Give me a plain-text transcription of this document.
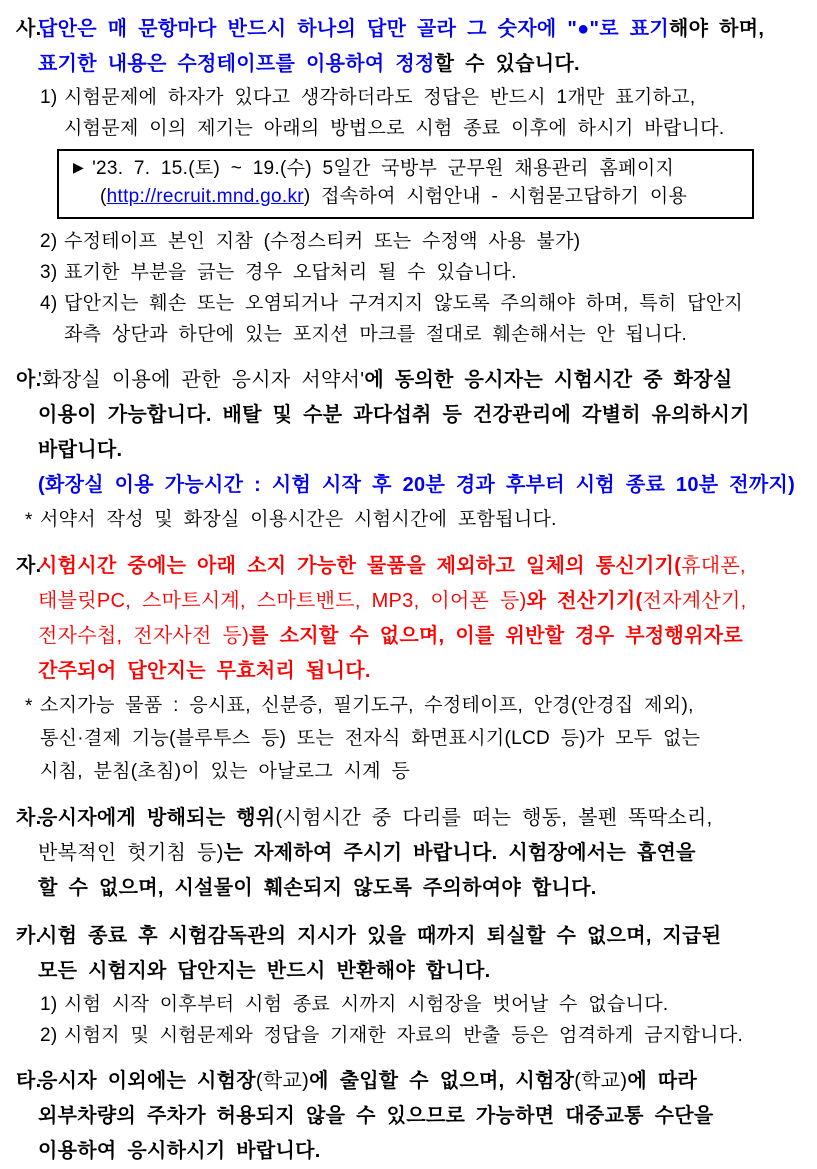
사.
답안은 매 문항마다 반드시 하나의 답만 골라 그 숫자에 "●"로 표기해야 하며,
표기한 내용은 수정테이프를 이용하여 정정할 수 있습니다.
1) 시험문제에 하자가 있다고 생각하더라도 정답은 반드시 1개만 표기하고,
시험문제 이의 제기는 아래의 방법으로 시험 종료 이후에 하시기 바랍니다.
▶ '23. 7. 15.(토) ~ 19.(수) 5일간 국방부 군무원 채용관리 홈페이지
(http://recruit.mnd.go.kr) 접속하여 시험안내 - 시험묻고답하기 이용
2) 수정테이프 본인 지참 (수정스티커 또는 수정액 사용 불가)
3) 표기한 부분을 긁는 경우 오답처리 될 수 있습니다.
4) 답안지는 훼손 또는 오염되거나 구겨지지 않도록 주의해야 하며, 특히 답안지
좌측 상단과 하단에 있는 포지션 마크를 절대로 훼손해서는 안 됩니다.
아.
'화장실 이용에 관한 응시자 서약서'에 동의한 응시자는 시험시간 중 화장실
이용이 가능합니다. 배탈 및 수분 과다섭취 등 건강관리에 각별히 유의하시기
바랍니다.
(화장실 이용 가능시간 : 시험 시작 후 20분 경과 후부터 시험 종료 10분 전까지)
* 서약서 작성 및 화장실 이용시간은 시험시간에 포함됩니다.
자.
시험시간 중에는 아래 소지 가능한 물품을 제외하고 일체의 통신기기(휴대폰,
태블릿PC, 스마트시계, 스마트밴드, MP3, 이어폰 등)와 전산기기(전자계산기,
전자수첩, 전자사전 등)를 소지할 수 없으며, 이를 위반할 경우 부정행위자로
간주되어 답안지는 무효처리 됩니다.
* 소지가능 물품 : 응시표, 신분증, 필기도구, 수정테이프, 안경(안경집 제외),
통신·결제 기능(블루투스 등) 또는 전자식 화면표시기(LCD 등)가 모두 없는
시침, 분침(초침)이 있는 아날로그 시계 등
차.
응시자에게 방해되는 행위(시험시간 중 다리를 떠는 행동, 볼펜 똑딱소리,
반복적인 헛기침 등)는 자제하여 주시기 바랍니다. 시험장에서는 흡연을
할 수 없으며, 시설물이 훼손되지 않도록 주의하여야 합니다.
카.
시험 종료 후 시험감독관의 지시가 있을 때까지 퇴실할 수 없으며, 지급된
모든 시험지와 답안지는 반드시 반환해야 합니다.
1) 시험 시작 이후부터 시험 종료 시까지 시험장을 벗어날 수 없습니다.
2) 시험지 및 시험문제와 정답을 기재한 자료의 반출 등은 엄격하게 금지합니다.
타.
응시자 이외에는 시험장(학교)에 출입할 수 없으며, 시험장(학교)에 따라
외부차량의 주차가 허용되지 않을 수 있으므로 가능하면 대중교통 수단을
이용하여 응시하시기 바랍니다.
